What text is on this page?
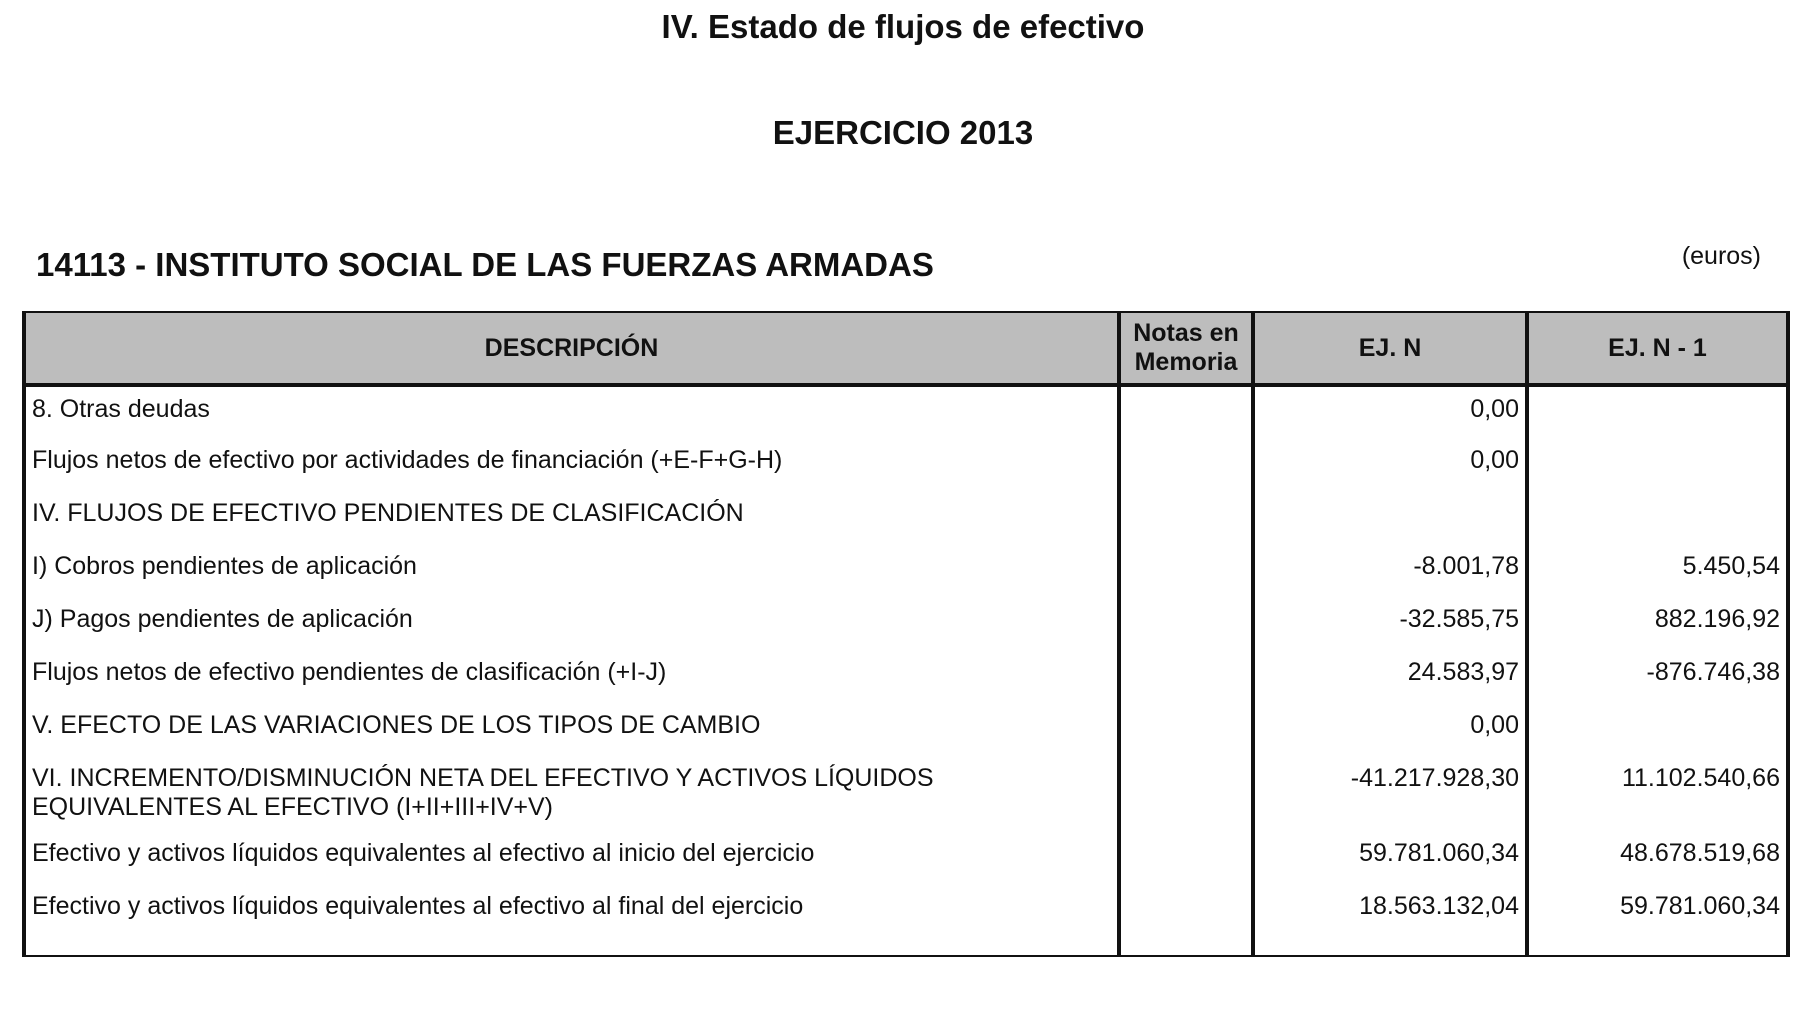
IV. Estado de flujos de efectivo
EJERCICIO 2013
14113 - INSTITUTO SOCIAL DE LAS FUERZAS ARMADAS	(euros)
DESCRIPCIÓN	Notas en Memoria	EJ. N	EJ. N - 1
8. Otras deudas		0,00	
Flujos netos de efectivo por actividades de financiación (+E-F+G-H)		0,00	
IV. FLUJOS DE EFECTIVO PENDIENTES DE CLASIFICACIÓN			
I) Cobros pendientes de aplicación		-8.001,78	5.450,54
J) Pagos pendientes de aplicación		-32.585,75	882.196,92
Flujos netos de efectivo pendientes de clasificación (+I-J)		24.583,97	-876.746,38
V. EFECTO DE LAS VARIACIONES DE LOS TIPOS DE CAMBIO		0,00	
VI. INCREMENTO/DISMINUCIÓN NETA DEL EFECTIVO Y ACTIVOS LÍQUIDOS EQUIVALENTES AL EFECTIVO (I+II+III+IV+V)		-41.217.928,30	11.102.540,66
Efectivo y activos líquidos equivalentes al efectivo al inicio del ejercicio		59.781.060,34	48.678.519,68
Efectivo y activos líquidos equivalentes al efectivo al final del ejercicio		18.563.132,04	59.781.060,34
